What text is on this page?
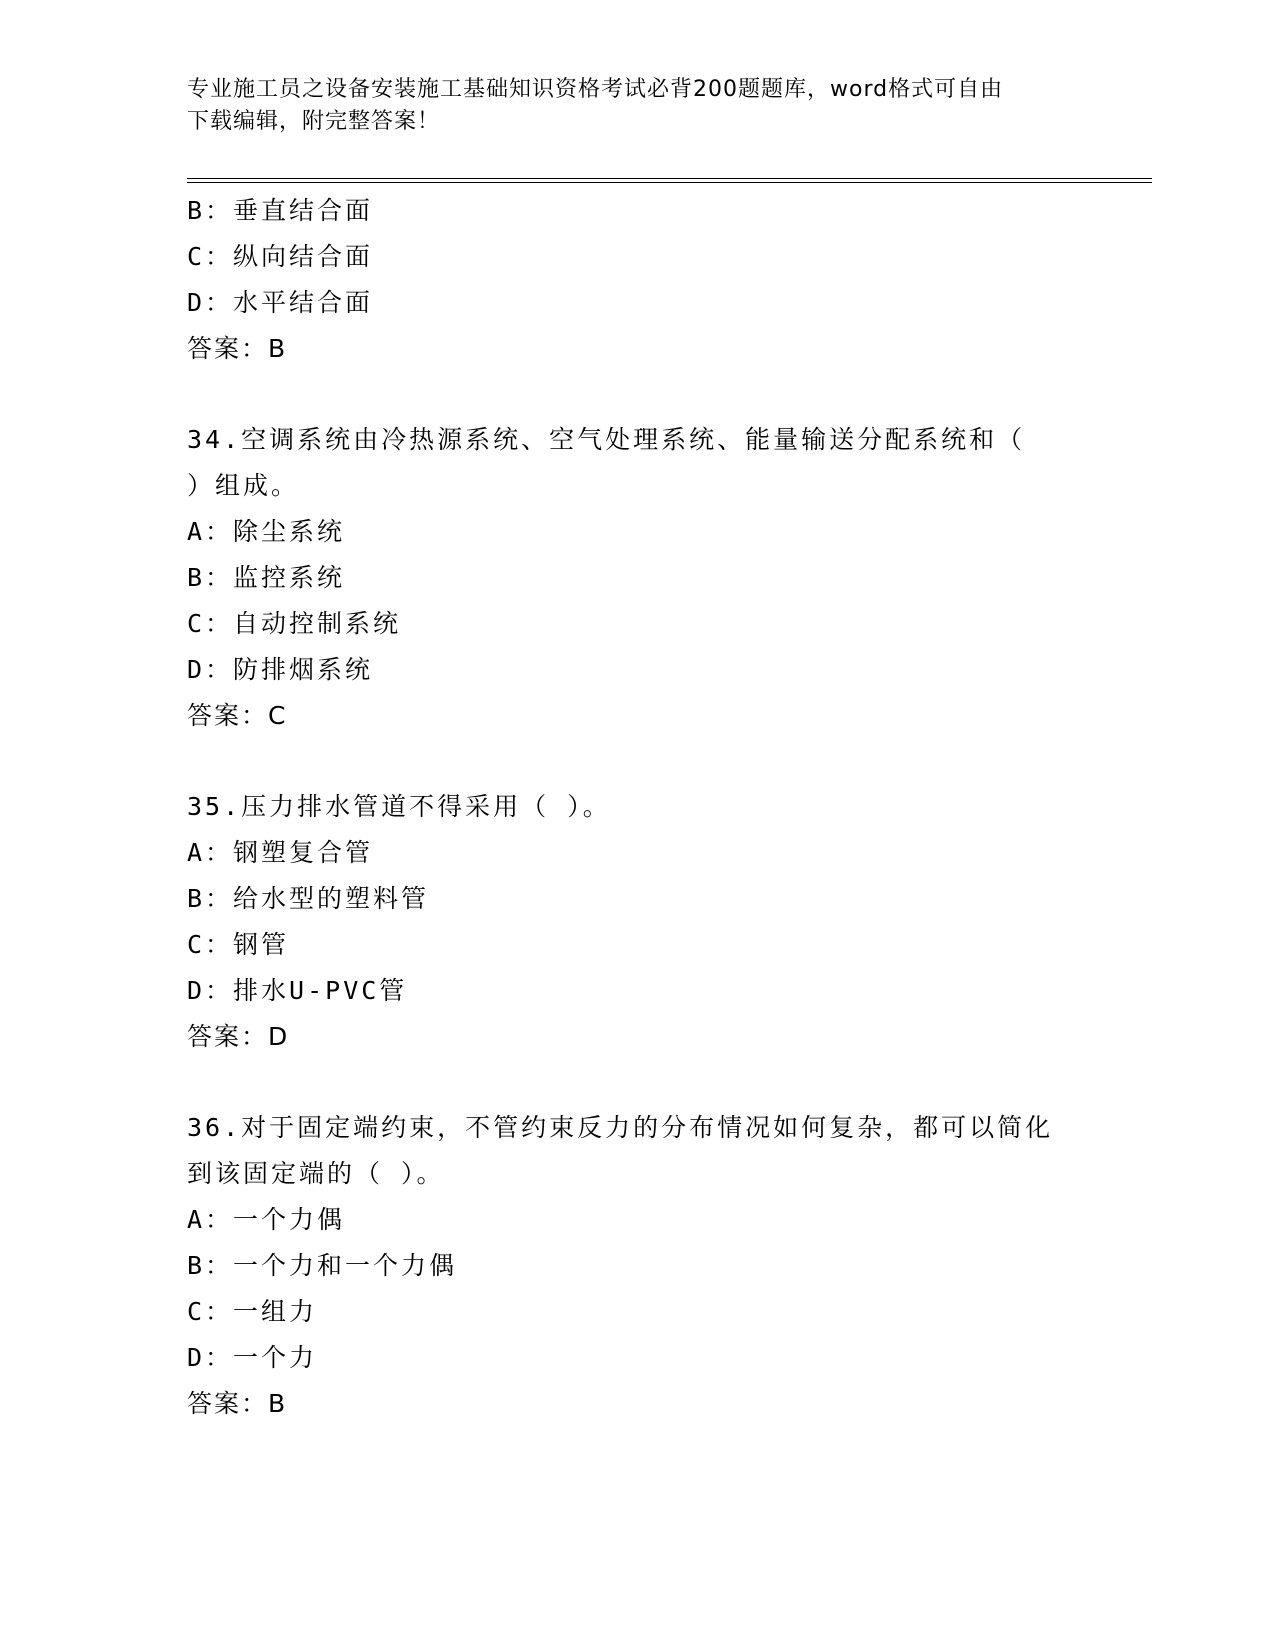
专业施工员之设备安装施工基础知识资格考试必背200题题库，word格式可自由
下载编辑，附完整答案！
B：垂直结合面
C：纵向结合面
D：水平结合面
答案：B
34.空调系统由冷热源系统、空气处理系统、能量输送分配系统和（
）组成。
A：除尘系统
B：监控系统
C：自动控制系统
D：防排烟系统
答案：C
35.压力排水管道不得采用（ ）。
A：钢塑复合管
B：给水型的塑料管
C：钢管
D：排水U-PVC管
答案：D
36.对于固定端约束，不管约束反力的分布情况如何复杂，都可以简化
到该固定端的（ ）。
A：一个力偶
B：一个力和一个力偶
C：一组力
D：一个力
答案：B
